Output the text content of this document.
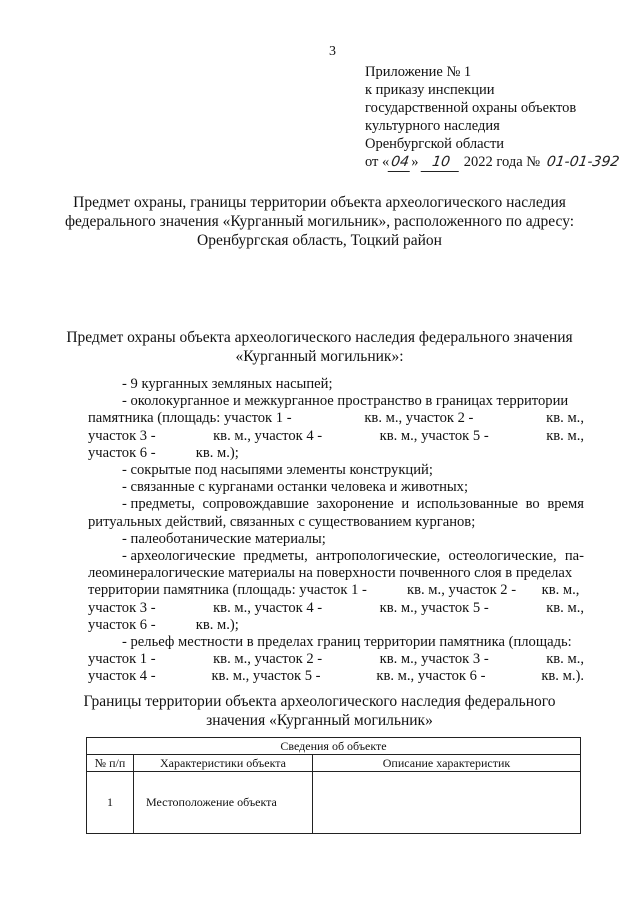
3
Приложение № 1
к приказу инспекции
государственной охраны объектов
культурного наследия
Оренбургской области
от «04» 10 2022 года № 01-01-392
Предмет охраны, границы территории объекта археологического наследия
федерального значения «Курганный могильник», расположенного по адресу:
Оренбургская область, Тоцкий район
Предмет охраны объекта археологического наследия федерального значения
«Курганный могильник»:
- 9 курганных земляных насыпей;
- околокурганное и межкурганное пространство в границах территории
памятника (площадь: участок 1 -	кв. м., участок 2 -	кв. м.,
участок 3 -	кв. м., участок 4 -	кв. м., участок 5 -	кв. м.,
участок 6 -           кв. м.);
- сокрытые под насыпями элементы конструкций;
- связанные с курганами останки человека и животных;
- предметы, сопровождавшие захоронение и использованные во время
ритуальных действий, связанных с существованием курганов;
- палеоботанические материалы;
- археологические предметы, антропологические, остеологические, па-
леоминералогические материалы на поверхности почвенного слоя в пределах
территории памятника (площадь: участок 1 -           кв. м., участок 2 -       кв. м.,
участок 3 -	кв. м., участок 4 -	кв. м., участок 5 -	кв. м.,
участок 6 -           кв. м.);
- рельеф местности в пределах границ территории памятника (площадь:
участок 1 -	кв. м., участок 2 -	кв. м., участок 3 -	кв. м.,
участок 4 -	кв. м., участок 5 -	кв. м., участок 6 -	кв. м.).
Границы территории объекта археологического наследия федерального
значения «Курганный могильник»
Сведения об объекте		
№ п/п	Характеристики объекта	Описание характеристик
1	Местоположение объекта	
